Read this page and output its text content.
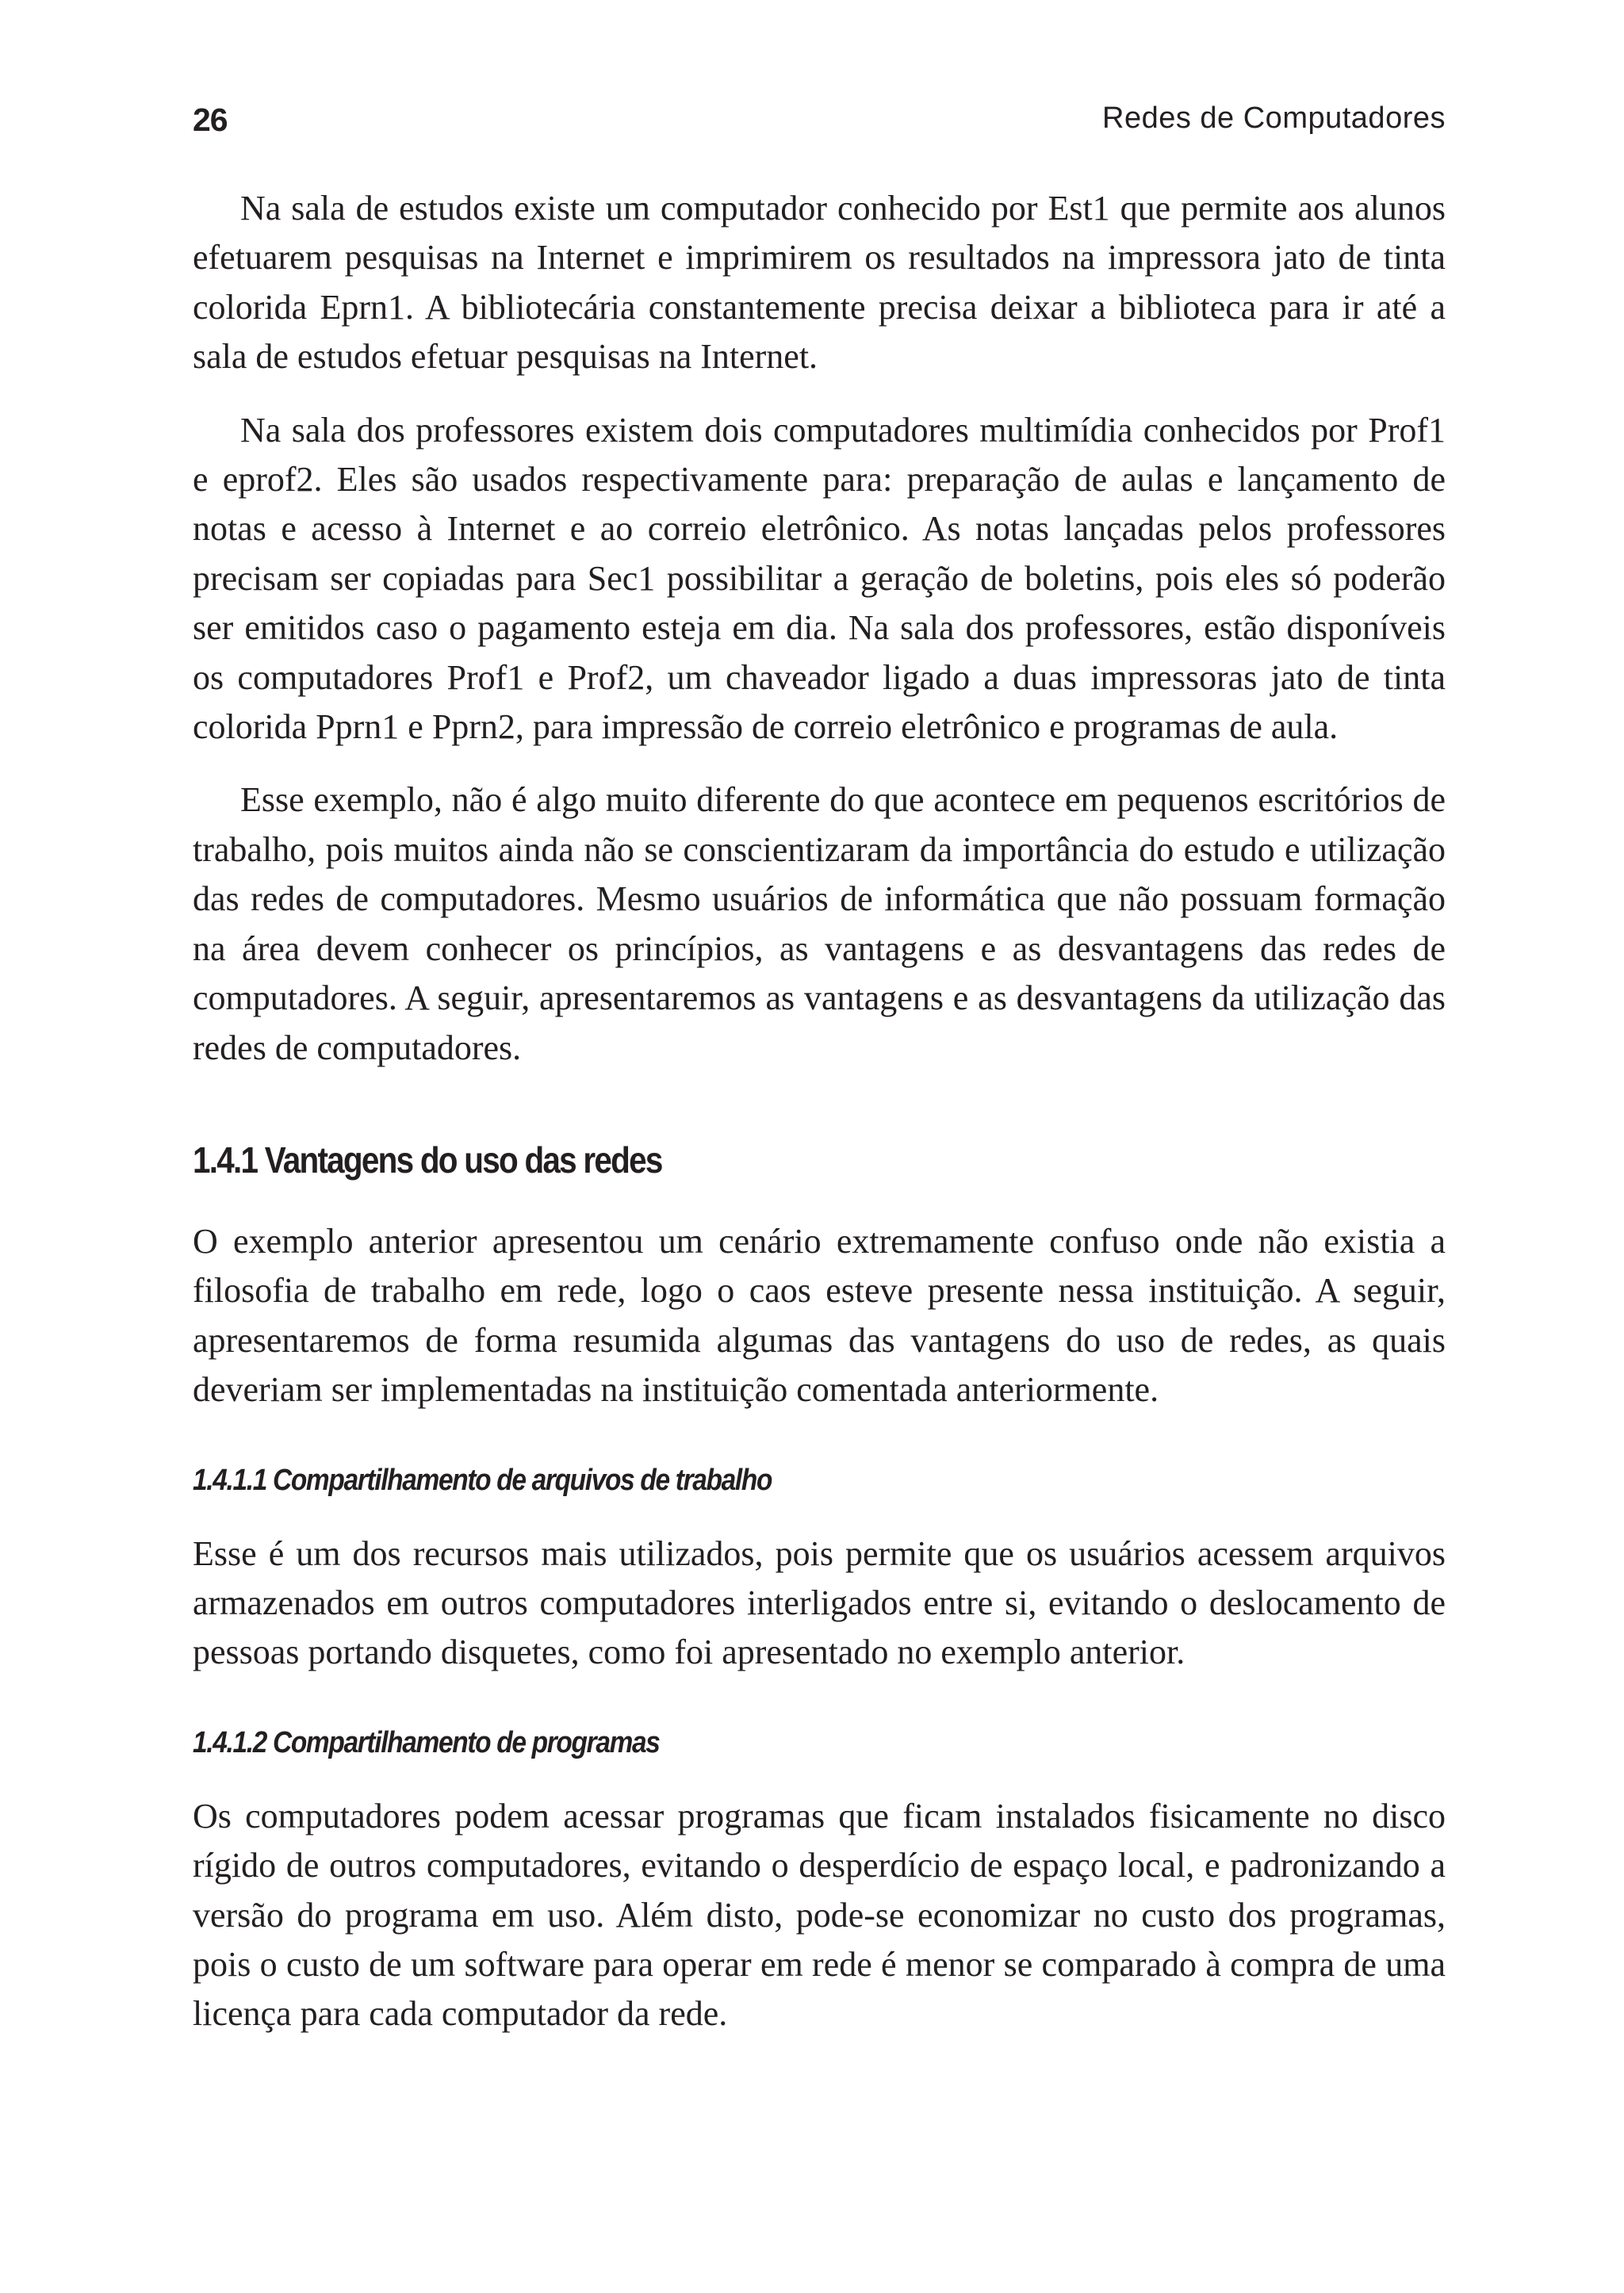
26	Redes de Computadores

Na sala de estudos existe um computador conhecido por Est1 que permite aos alunos efetuarem pesquisas na Internet e imprimirem os resultados na impressora jato de tinta colorida Eprn1. A bibliotecária constantemente precisa deixar a biblioteca para ir até a sala de estudos efetuar pesquisas na Internet.

Na sala dos professores existem dois computadores multimídia conhecidos por Prof1 e eprof2. Eles são usados respectivamente para: preparação de aulas e lançamento de notas e acesso à Internet e ao correio eletrônico. As notas lançadas pelos professores precisam ser copiadas para Sec1 possibilitar a geração de boletins, pois eles só poderão ser emitidos caso o pagamento esteja em dia. Na sala dos professores, estão disponíveis os computadores Prof1 e Prof2, um chaveador ligado a duas impressoras jato de tinta colorida Pprn1 e Pprn2, para impressão de correio eletrônico e programas de aula.

Esse exemplo, não é algo muito diferente do que acontece em pequenos escritórios de trabalho, pois muitos ainda não se conscientizaram da importância do estudo e utilização das redes de computadores. Mesmo usuários de informática que não possuam formação na área devem conhecer os princípios, as vantagens e as desvantagens das redes de computadores. A seguir, apresentaremos as vantagens e as desvantagens da utilização das redes de computadores.

1.4.1 Vantagens do uso das redes

O exemplo anterior apresentou um cenário extremamente confuso onde não existia a filosofia de trabalho em rede, logo o caos esteve presente nessa instituição. A seguir, apresentaremos de forma resumida algumas das vantagens do uso de redes, as quais deveriam ser implementadas na instituição comentada anteriormente.

1.4.1.1 Compartilhamento de arquivos de trabalho

Esse é um dos recursos mais utilizados, pois permite que os usuários acessem arquivos armazenados em outros computadores interligados entre si, evitando o deslocamento de pessoas portando disquetes, como foi apresentado no exemplo anterior.

1.4.1.2 Compartilhamento de programas

Os computadores podem acessar programas que ficam instalados fisicamente no disco rígido de outros computadores, evitando o desperdício de espaço local, e padronizando a versão do programa em uso. Além disto, pode-se economizar no custo dos programas, pois o custo de um software para operar em rede é menor se comparado à compra de uma licença para cada computador da rede.
